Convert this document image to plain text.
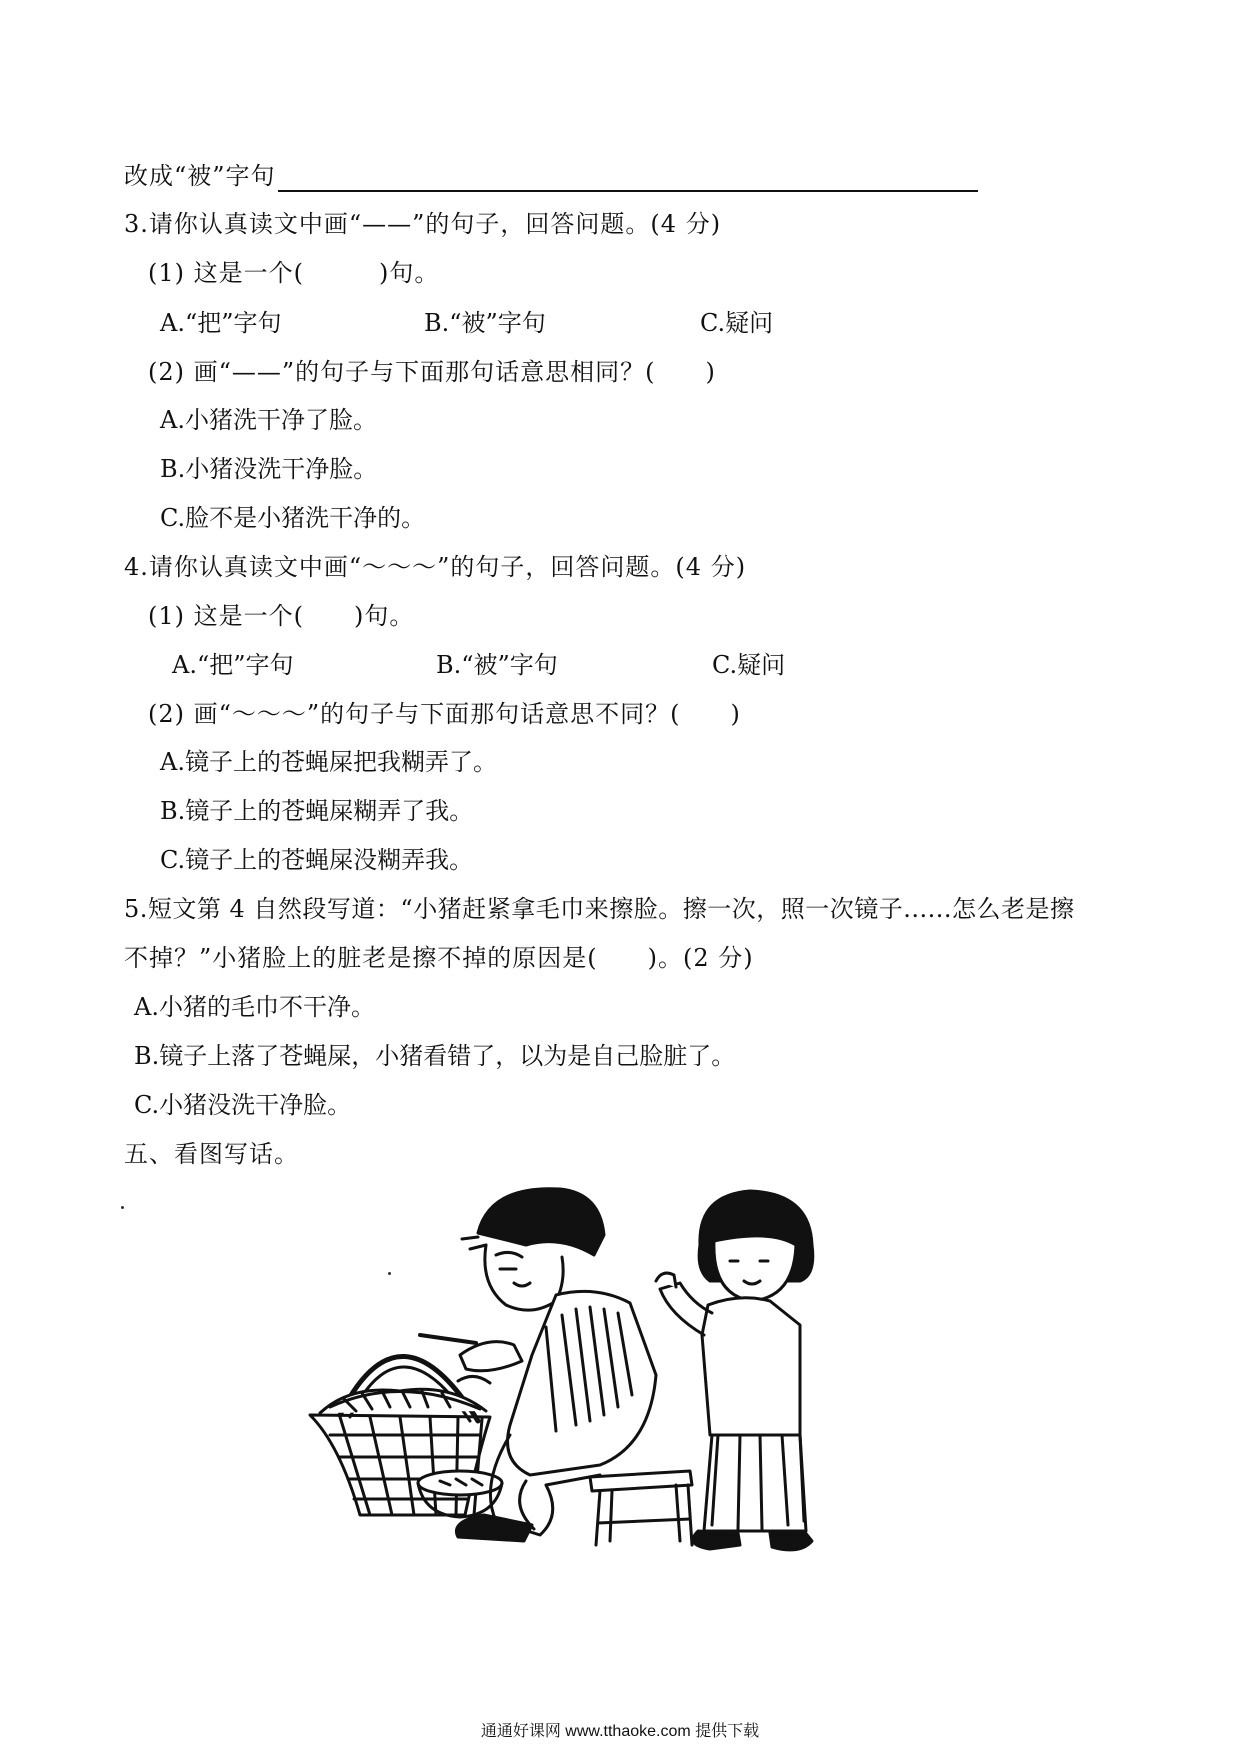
改成“被”字句
3.请你认真读文中画“——”的句子，回答问题。(4 分)
(1) 这是一个(　　　)句。
A.“把”字句	B.“被”字句	C.疑问
(2) 画“——”的句子与下面那句话意思相同？(　　)
A.小猪洗干净了脸。
B.小猪没洗干净脸。
C.脸不是小猪洗干净的。
4.请你认真读文中画“～～～”的句子，回答问题。(4 分)
(1) 这是一个(　　)句。
A.“把”字句	B.“被”字句	C.疑问
(2) 画“～～～”的句子与下面那句话意思不同？(　　)
A.镜子上的苍蝇屎把我糊弄了。
B.镜子上的苍蝇屎糊弄了我。
C.镜子上的苍蝇屎没糊弄我。
5.短文第 4 自然段写道：“小猪赶紧拿毛巾来擦脸。擦一次，照一次镜子......怎么老是擦
不掉？”小猪脸上的脏老是擦不掉的原因是(　　)。(2 分)
A.小猪的毛巾不干净。
B.镜子上落了苍蝇屎，小猪看错了，以为是自己脸脏了。
C.小猪没洗干净脸。
五、看图写话。
通通好课网 www.tthaoke.com 提供下载
